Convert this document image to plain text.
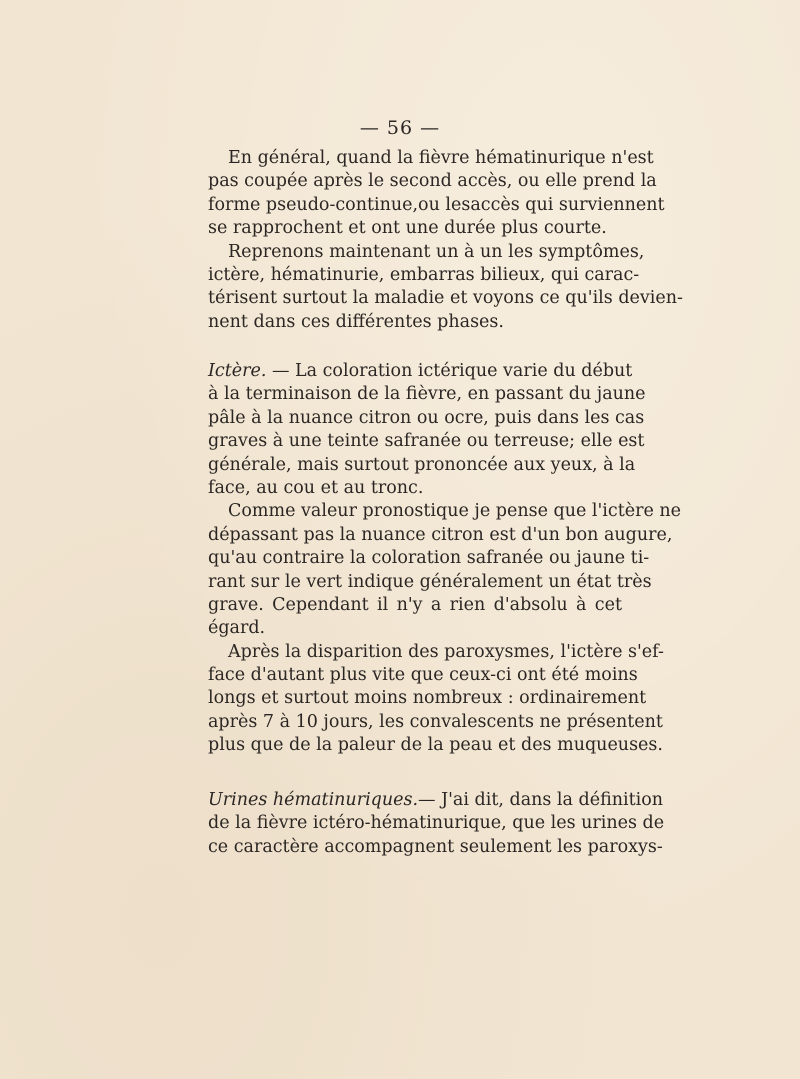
— 56 —
En général, quand la fièvre hématinurique n'est
pas coupée après le second accès, ou elle prend la
forme pseudo-continue,ou lesaccès qui surviennent
se rapprochent et ont une durée plus courte.
Reprenons maintenant un à un les symptômes,
ictère, hématinurie, embarras bilieux, qui carac-
térisent surtout la maladie et voyons ce qu'ils devien-
nent dans ces différentes phases.
Ictère. — La coloration ictérique varie du début
à la terminaison de la fièvre, en passant du jaune
pâle à la nuance citron ou ocre, puis dans les cas
graves à une teinte safranée ou terreuse; elle est
générale, mais surtout prononcée aux yeux, à la
face, au cou et au tronc.
Comme valeur pronostique je pense que l'ictère ne
dépassant pas la nuance citron est d'un bon augure,
qu'au contraire la coloration safranée ou jaune ti-
rant sur le vert indique généralement un état très
grave. Cependant il n'y a rien d'absolu à cet
égard.
Après la disparition des paroxysmes, l'ictère s'ef-
face d'autant plus vite que ceux-ci ont été moins
longs et surtout moins nombreux : ordinairement
après 7 à 10 jours, les convalescents ne présentent
plus que de la paleur de la peau et des muqueuses.
Urines hématinuriques.— J'ai dit, dans la définition
de la fièvre ictéro-hématinurique, que les urines de
ce caractère accompagnent seulement les paroxys-
